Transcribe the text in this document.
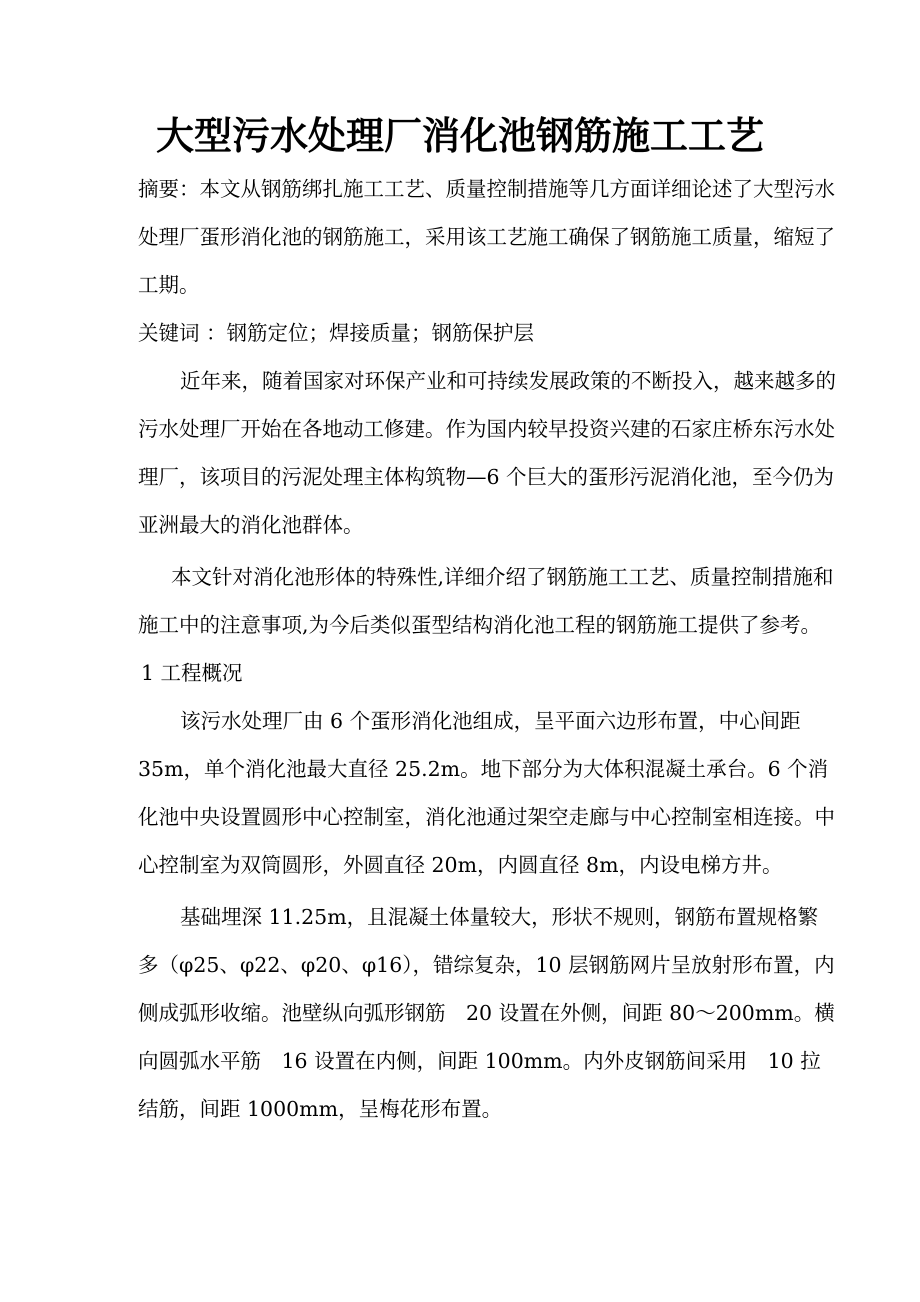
大型污水处理厂消化池钢筋施工工艺

摘要：本文从钢筋绑扎施工工艺、质量控制措施等几方面详细论述了大型污水处理厂蛋形消化池的钢筋施工，采用该工艺施工确保了钢筋施工质量，缩短了工期。

关键词 ：钢筋定位；焊接质量；钢筋保护层

近年来，随着国家对环保产业和可持续发展政策的不断投入，越来越多的污水处理厂开始在各地动工修建。作为国内较早投资兴建的石家庄桥东污水处理厂，该项目的污泥处理主体构筑物—6 个巨大的蛋形污泥消化池，至今仍为亚洲最大的消化池群体。

本文针对消化池形体的特殊性,详细介绍了钢筋施工工艺、质量控制措施和施工中的注意事项,为今后类似蛋型结构消化池工程的钢筋施工提供了参考。

1 工程概况

该污水处理厂由 6 个蛋形消化池组成，呈平面六边形布置，中心间距 35m，单个消化池最大直径 25.2m。地下部分为大体积混凝土承台。6 个消化池中央设置圆形中心控制室，消化池通过架空走廊与中心控制室相连接。中心控制室为双筒圆形，外圆直径 20m，内圆直径 8m，内设电梯方井。

基础埋深 11.25m，且混凝土体量较大，形状不规则，钢筋布置规格繁多（φ25、φ22、φ20、φ16），错综复杂，10 层钢筋网片呈放射形布置，内侧成弧形收缩。池壁纵向弧形钢筋　20 设置在外侧，间距 80～200mm。横向圆弧水平筋　16 设置在内侧，间距 100mm。内外皮钢筋间采用　10 拉结筋，间距 1000mm，呈梅花形布置。
